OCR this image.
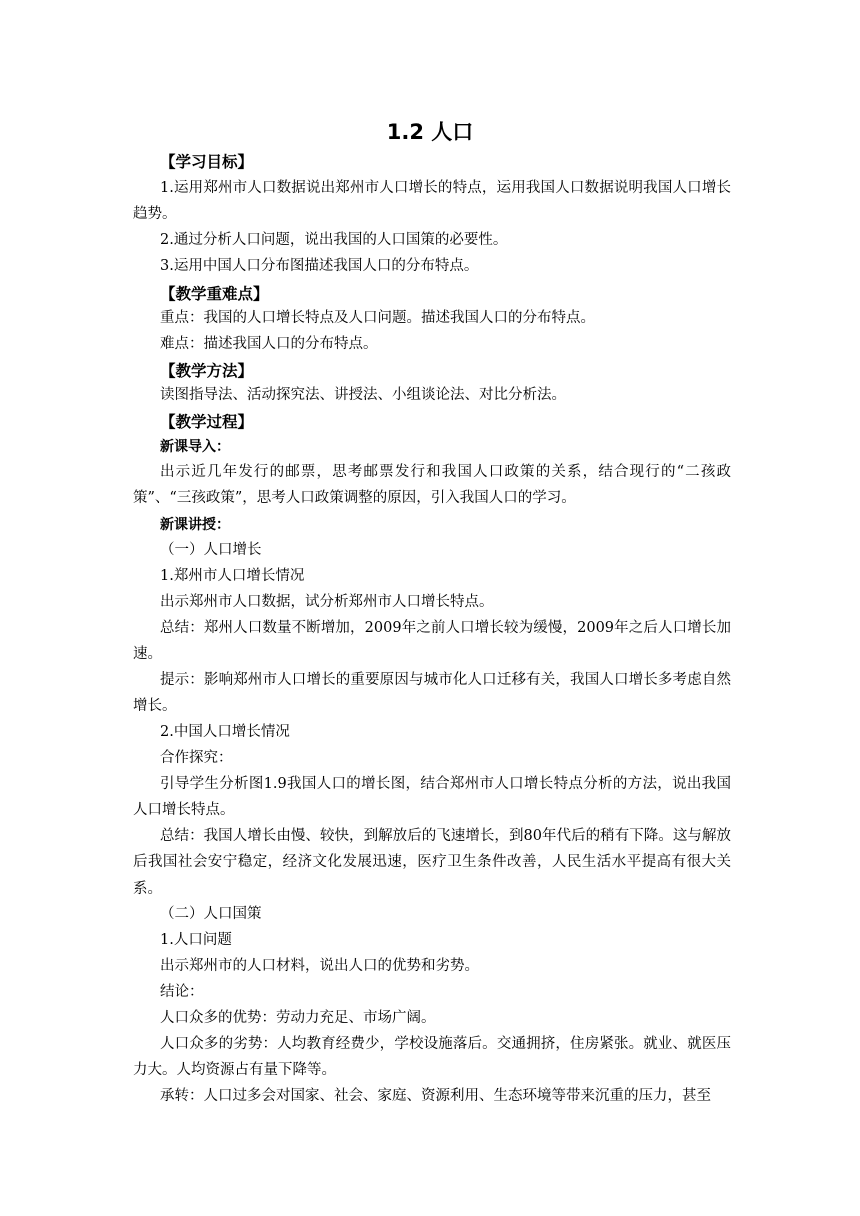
1.2 人口
【学习目标】

1.运用郑州市人口数据说出郑州市人口增长的特点，运用我国人口数据说明我国人口增长趋势。

2.通过分析人口问题，说出我国的人口国策的必要性。

3.运用中国人口分布图描述我国人口的分布特点。

【教学重难点】

重点：我国的人口增长特点及人口问题。描述我国人口的分布特点。

难点：描述我国人口的分布特点。

【教学方法】

读图指导法、活动探究法、讲授法、小组谈论法、对比分析法。

【教学过程】
新课导入：

出示近几年发行的邮票，思考邮票发行和我国人口政策的关系，结合现行的“二孩政策”、“三孩政策”，思考人口政策调整的原因，引入我国人口的学习。

新课讲授：

（一）人口增长

1.郑州市人口增长情况

出示郑州市人口数据，试分析郑州市人口增长特点。

总结：郑州人口数量不断增加，2009年之前人口增长较为缓慢，2009年之后人口增长加速。

提示：影响郑州市人口增长的重要原因与城市化人口迁移有关，我国人口增长多考虑自然增长。

2.中国人口增长情况

合作探究：

引导学生分析图1.9我国人口的增长图，结合郑州市人口增长特点分析的方法，说出我国人口增长特点。

总结：我国人增长由慢、较快，到解放后的飞速增长，到80年代后的稍有下降。这与解放后我国社会安宁稳定，经济文化发展迅速，医疗卫生条件改善，人民生活水平提高有很大关系。

（二）人口国策

1.人口问题

出示郑州市的人口材料，说出人口的优势和劣势。

结论：

人口众多的优势：劳动力充足、市场广阔。

人口众多的劣势：人均教育经费少，学校设施落后。交通拥挤，住房紧张。就业、就医压力大。人均资源占有量下降等。

承转：人口过多会对国家、社会、家庭、资源利用、生态环境等带来沉重的压力，甚至
